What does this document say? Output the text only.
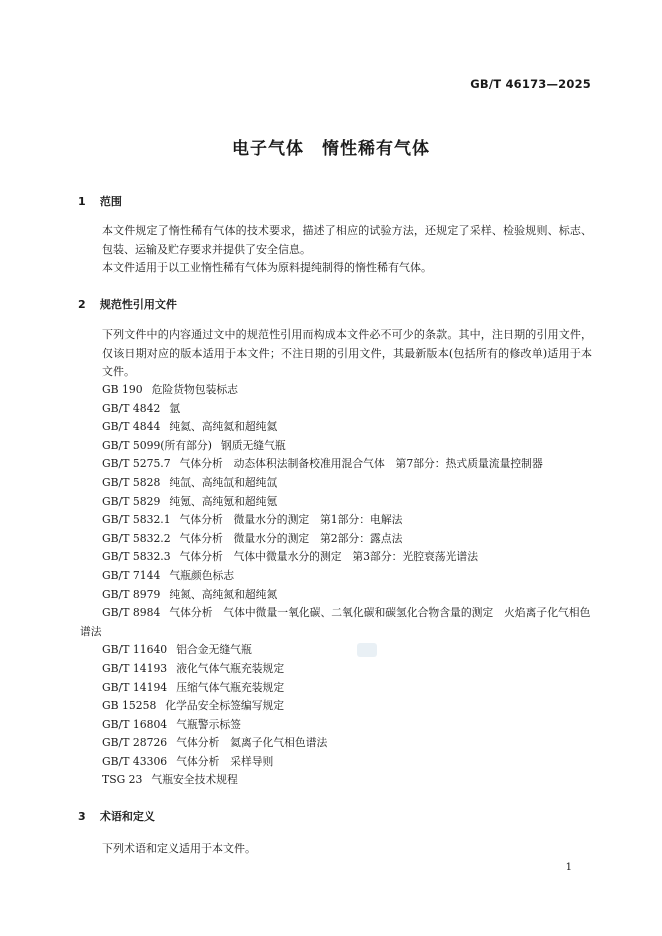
GB/T 46173—2025
电子气体　惰性稀有气体
1 范围
本文件规定了惰性稀有气体的技术要求，描述了相应的试验方法，还规定了采样、检验规则、标志、包装、运输及贮存要求并提供了安全信息。
本文件适用于以工业惰性稀有气体为原料提纯制得的惰性稀有气体。
2 规范性引用文件
下列文件中的内容通过文中的规范性引用而构成本文件必不可少的条款。其中，注日期的引用文件，仅该日期对应的版本适用于本文件；不注日期的引用文件，其最新版本(包括所有的修改单)适用于本文件。
GB 190 危险货物包装标志
GB/T 4842 氩
GB/T 4844 纯氦、高纯氦和超纯氦
GB/T 5099(所有部分) 钢质无缝气瓶
GB/T 5275.7 气体分析　动态体积法制备校准用混合气体　第7部分：热式质量流量控制器
GB/T 5828 纯氙、高纯氙和超纯氙
GB/T 5829 纯氪、高纯氪和超纯氪
GB/T 5832.1 气体分析　微量水分的测定　第1部分：电解法
GB/T 5832.2 气体分析　微量水分的测定　第2部分：露点法
GB/T 5832.3 气体分析　气体中微量水分的测定　第3部分：光腔衰荡光谱法
GB/T 7144 气瓶颜色标志
GB/T 8979 纯氮、高纯氮和超纯氮
GB/T 8984 气体分析　气体中微量一氧化碳、二氧化碳和碳氢化合物含量的测定　火焰离子化气相色谱法
GB/T 11640 铝合金无缝气瓶
GB/T 14193 液化气体气瓶充装规定
GB/T 14194 压缩气体气瓶充装规定
GB 15258 化学品安全标签编写规定
GB/T 16804 气瓶警示标签
GB/T 28726 气体分析　氦离子化气相色谱法
GB/T 43306 气体分析　采样导则
TSG 23 气瓶安全技术规程
3 术语和定义
下列术语和定义适用于本文件。
1
